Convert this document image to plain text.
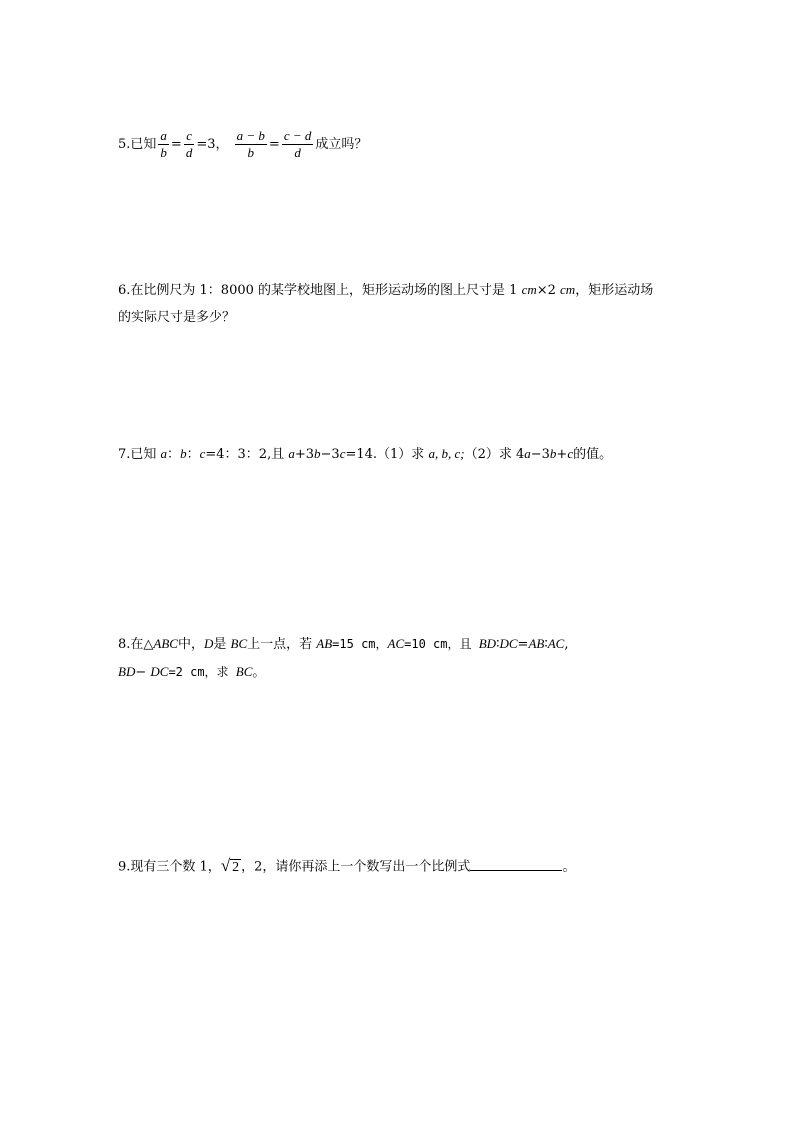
5.已知 $\frac{a}{b} = \frac{c}{d} =3$， $\frac{a - b}{b} = \frac{c - d}{d}$ 成立吗？
6.在比例尺为 1：8000 的某学校地图上，矩形运动场的图上尺寸是 1 cm×2 cm，矩形运动场
的实际尺寸是多少？
7.已知 a：b：c=4：3：2,且 a+3b−3c=14.（1）求 a, b, c;（2）求 4a−3b+c的值。
8.在△ABC中，D是 BC上一点，若 AB=15 cm，AC=10 cm，且 BD∶DC=AB∶AC,
BD− DC=2 cm，求 BC。
9.现有三个数 1，√ 2 ，2，请你再添上一个数写出一个比例式	。
